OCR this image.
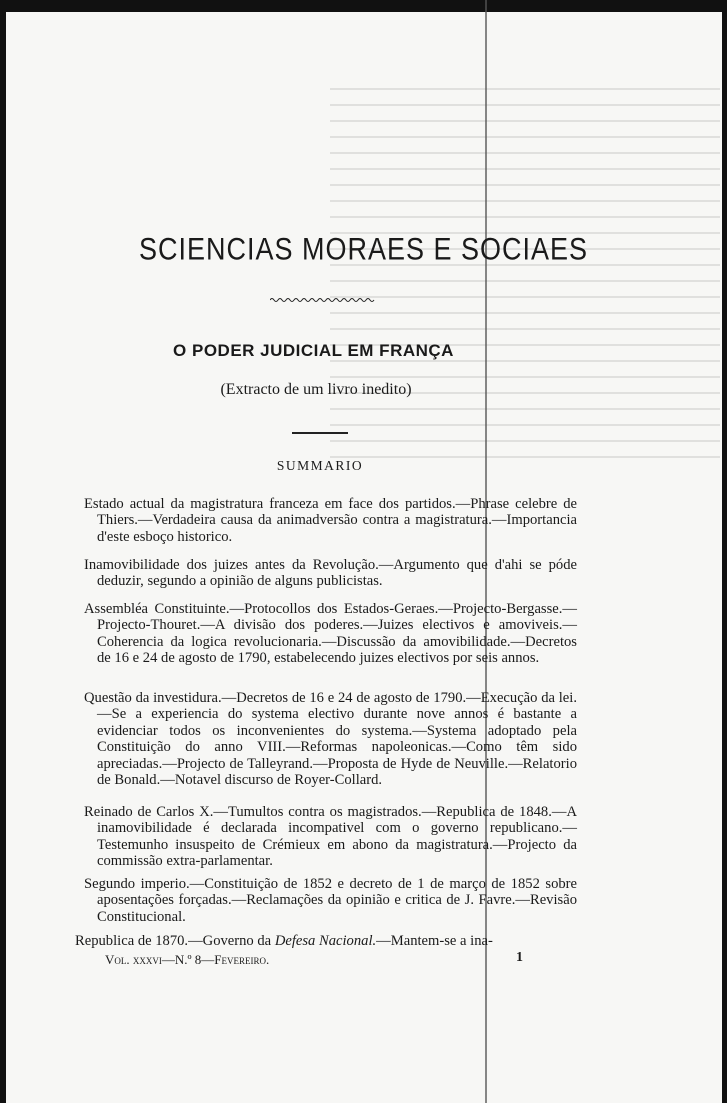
SCIENCIAS MORAES E SOCIAES
O PODER JUDICIAL EM FRANÇA
(Extracto de um livro inedito)
SUMMARIO

Estado actual da magistratura franceza em face dos partidos.—Phrase celebre de Thiers.—Verdadeira causa da animadversão contra a magistratura.—Importancia d'este esboço historico.

Inamovibilidade dos juizes antes da Revolução.—Argumento que d'ahi se póde deduzir, segundo a opinião de alguns publicistas.

Assembléa Constituinte.—Protocollos dos Estados-Geraes.—Projecto-Bergasse.—Projecto-Thouret.—A divisão dos poderes.—Juizes electivos e amoviveis.—Coherencia da logica revolucionaria.—Discussão da amovibilidade.—Decretos de 16 e 24 de agosto de 1790, estabelecendo juizes electivos por seis annos.

Questão da investidura.—Decretos de 16 e 24 de agosto de 1790.—Execução da lei.—Se a experiencia do systema electivo durante nove annos é bastante a evidenciar todos os inconvenientes do systema.—Systema adoptado pela Constituição do anno VIII.—Reformas napoleonicas.—Como têm sido apreciadas.—Projecto de Talleyrand.—Proposta de Hyde de Neuville.—Relatorio de Bonald.—Notavel discurso de Royer-Collard.

Reinado de Carlos X.—Tumultos contra os magistrados.—Republica de 1848.—A inamovibilidade é declarada incompativel com o governo republicano.—Testemunho insuspeito de Crémieux em abono da magistratura.—Projecto da commissão extra-parlamentar.

Segundo imperio.—Constituição de 1852 e decreto de 1 de março de 1852 sobre aposentações forçadas.—Reclamações da opinião e critica de J. Favre.—Revisão Constitucional.

Republica de 1870.—Governo da Defesa Nacional.—Mantem-se a ina-

Vol. xxxvi—N.º 8—Fevereiro.	1
